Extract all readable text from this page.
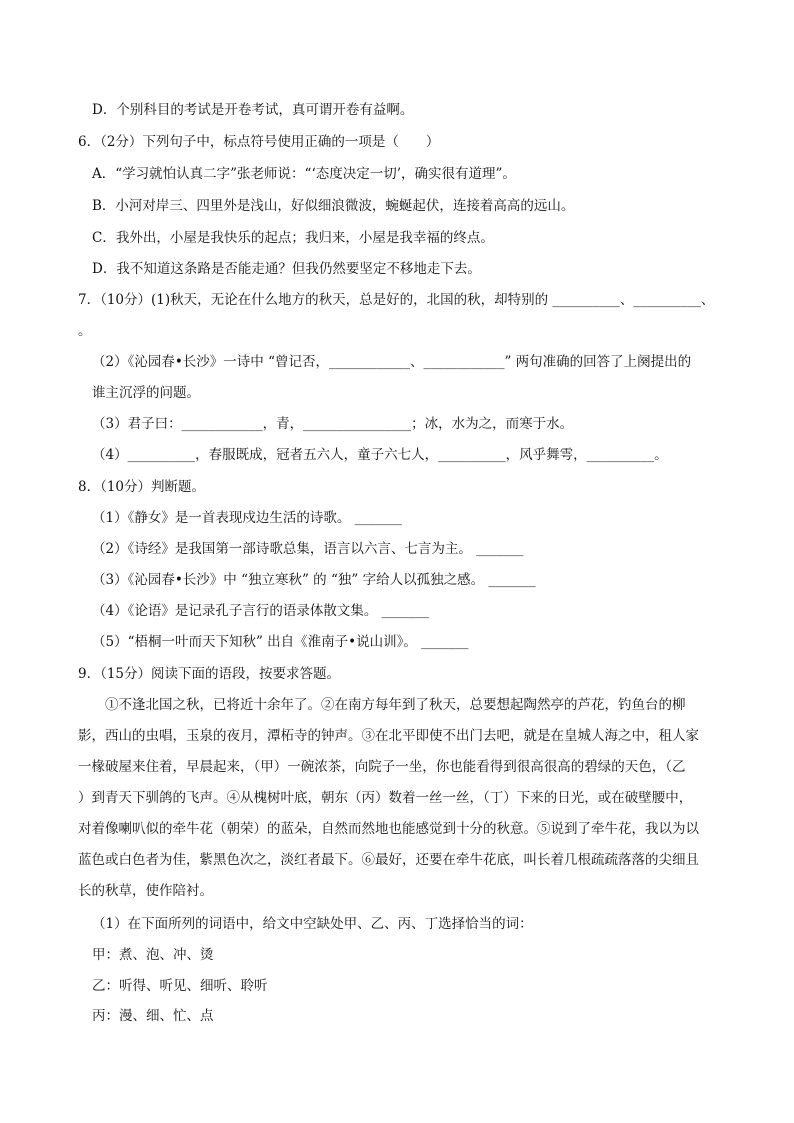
D．个别科目的考试是开卷考试，真可谓开卷有益啊。
6．（2分）下列句子中，标点符号使用正确的一项是（　　）
A．“学习就怕认真二字”张老师说：“‘态度决定一切’，确实很有道理”。
B．小河对岸三、四里外是浅山，好似细浪微波，蜿蜒起伏，连接着高高的远山。
C．我外出，小屋是我快乐的起点；我归来，小屋是我幸福的终点。
D．我不知道这条路是否能走通？但我仍然要坚定不移地走下去。
7．（10分）(1)秋天，无论在什么地方的秋天，总是好的，北国的秋，却特别的 __________、__________、
。
（2）《沁园春•长沙》一诗中 “曾记否，____________、____________” 两句准确的回答了上阕提出的
谁主沉浮的问题。
（3）君子曰：____________，青，________________；冰，水为之，而寒于水。
（4）__________，春服既成，冠者五六人，童子六七人，__________，风乎舞雩，__________。
8．（10分）判断题。
（1）《静女》是一首表现戍边生活的诗歌。 _______
（2）《诗经》是我国第一部诗歌总集，语言以六言、七言为主。 _______
（3）《沁园春•长沙》中 “独立寒秋” 的 “独” 字给人以孤独之感。 _______
（4）《论语》是记录孔子言行的语录体散文集。 _______
（5）“梧桐一叶而天下知秋” 出自《淮南子•说山训》。 _______
9．（15分）阅读下面的语段，按要求答题。

　　①不逢北国之秋，已将近十余年了。②在南方每年到了秋天，总要想起陶然亭的芦花，钓鱼台的柳

影，西山的虫唱，玉泉的夜月，潭柘寺的钟声。③在北平即使不出门去吧，就是在皇城人海之中，租人家

一椽破屋来住着，早晨起来，（甲）一碗浓茶，向院子一坐，你也能看得到很高很高的碧绿的天色，（乙

）到青天下驯鸽的飞声。④从槐树叶底，朝东（丙）数着一丝一丝，（丁）下来的日光，或在破壁腰中，

对着像喇叭似的牵牛花（朝荣）的蓝朵，自然而然地也能感觉到十分的秋意。⑤说到了牵牛花，我以为以

蓝色或白色者为佳，紫黑色次之，淡红者最下。⑥最好，还要在牵牛花底，叫长着几根疏疏落落的尖细且

长的秋草，使作陪衬。

（1）在下面所列的词语中，给文中空缺处甲、乙、丙、丁选择恰当的词：
甲：煮、泡、冲、烫
乙：听得、听见、细听、聆听
丙：漫、细、忙、点
